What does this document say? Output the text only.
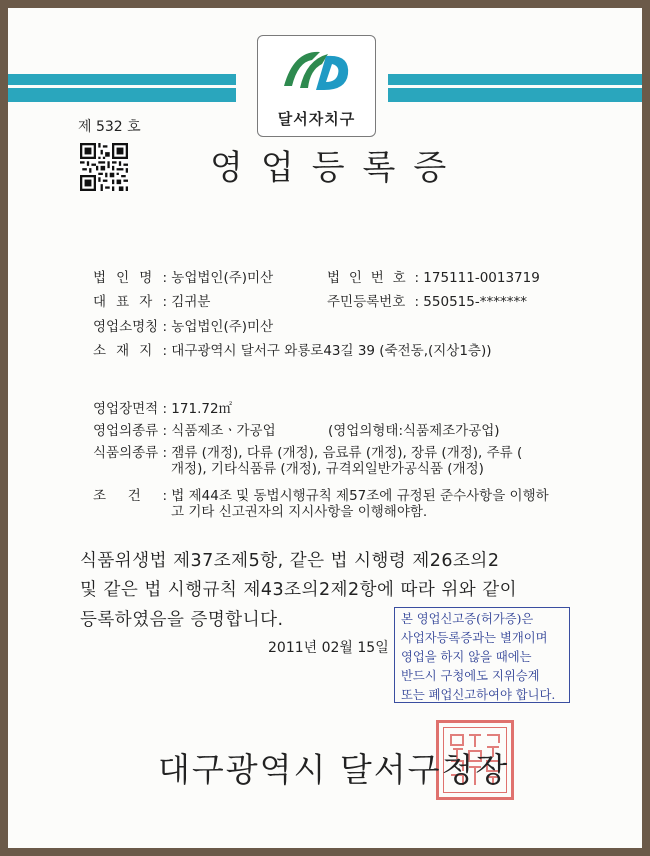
달서자치구
제 532 호
영업등록증
법 인 명 : 농업법인(주)미산	법 인 번 호 : 175111-0013719
대 표 자 : 김귀분	주민등록번호 : 550515-*******
영업소명칭 : 농업법인(주)미산
소 재 지 : 대구광역시 달서구 와룡로43길 39 (죽전동,(지상1층))
영업장면적 : 171.72㎡
영업의종류 : 식품제조ㆍ가공업	(영업의형태:식품제조가공업)
식품의종류 : 잼류 (개정), 다류 (개정), 음료류 (개정), 장류 (개정), 주류 (
개정), 기타식품류 (개정), 규격외일반가공식품 (개정)
조 건 : 법 제44조 및 동법시행규칙 제57조에 규정된 준수사항을 이행하
고 기타 신고권자의 지시사항을 이행해야함.
식품위생법 제37조제5항, 같은 법 시행령 제26조의2
및 같은 법 시행규칙 제43조의2제2항에 따라 위와 같이
등록하였음을 증명합니다.
2011년 02월 15일
본 영업신고증(허가증)은
사업자등록증과는 별개이며
영업을 하지 않을 때에는
반드시 구청에도 지위승계
또는 폐업신고하여야 합니다.
대구광역시 달서구청장
